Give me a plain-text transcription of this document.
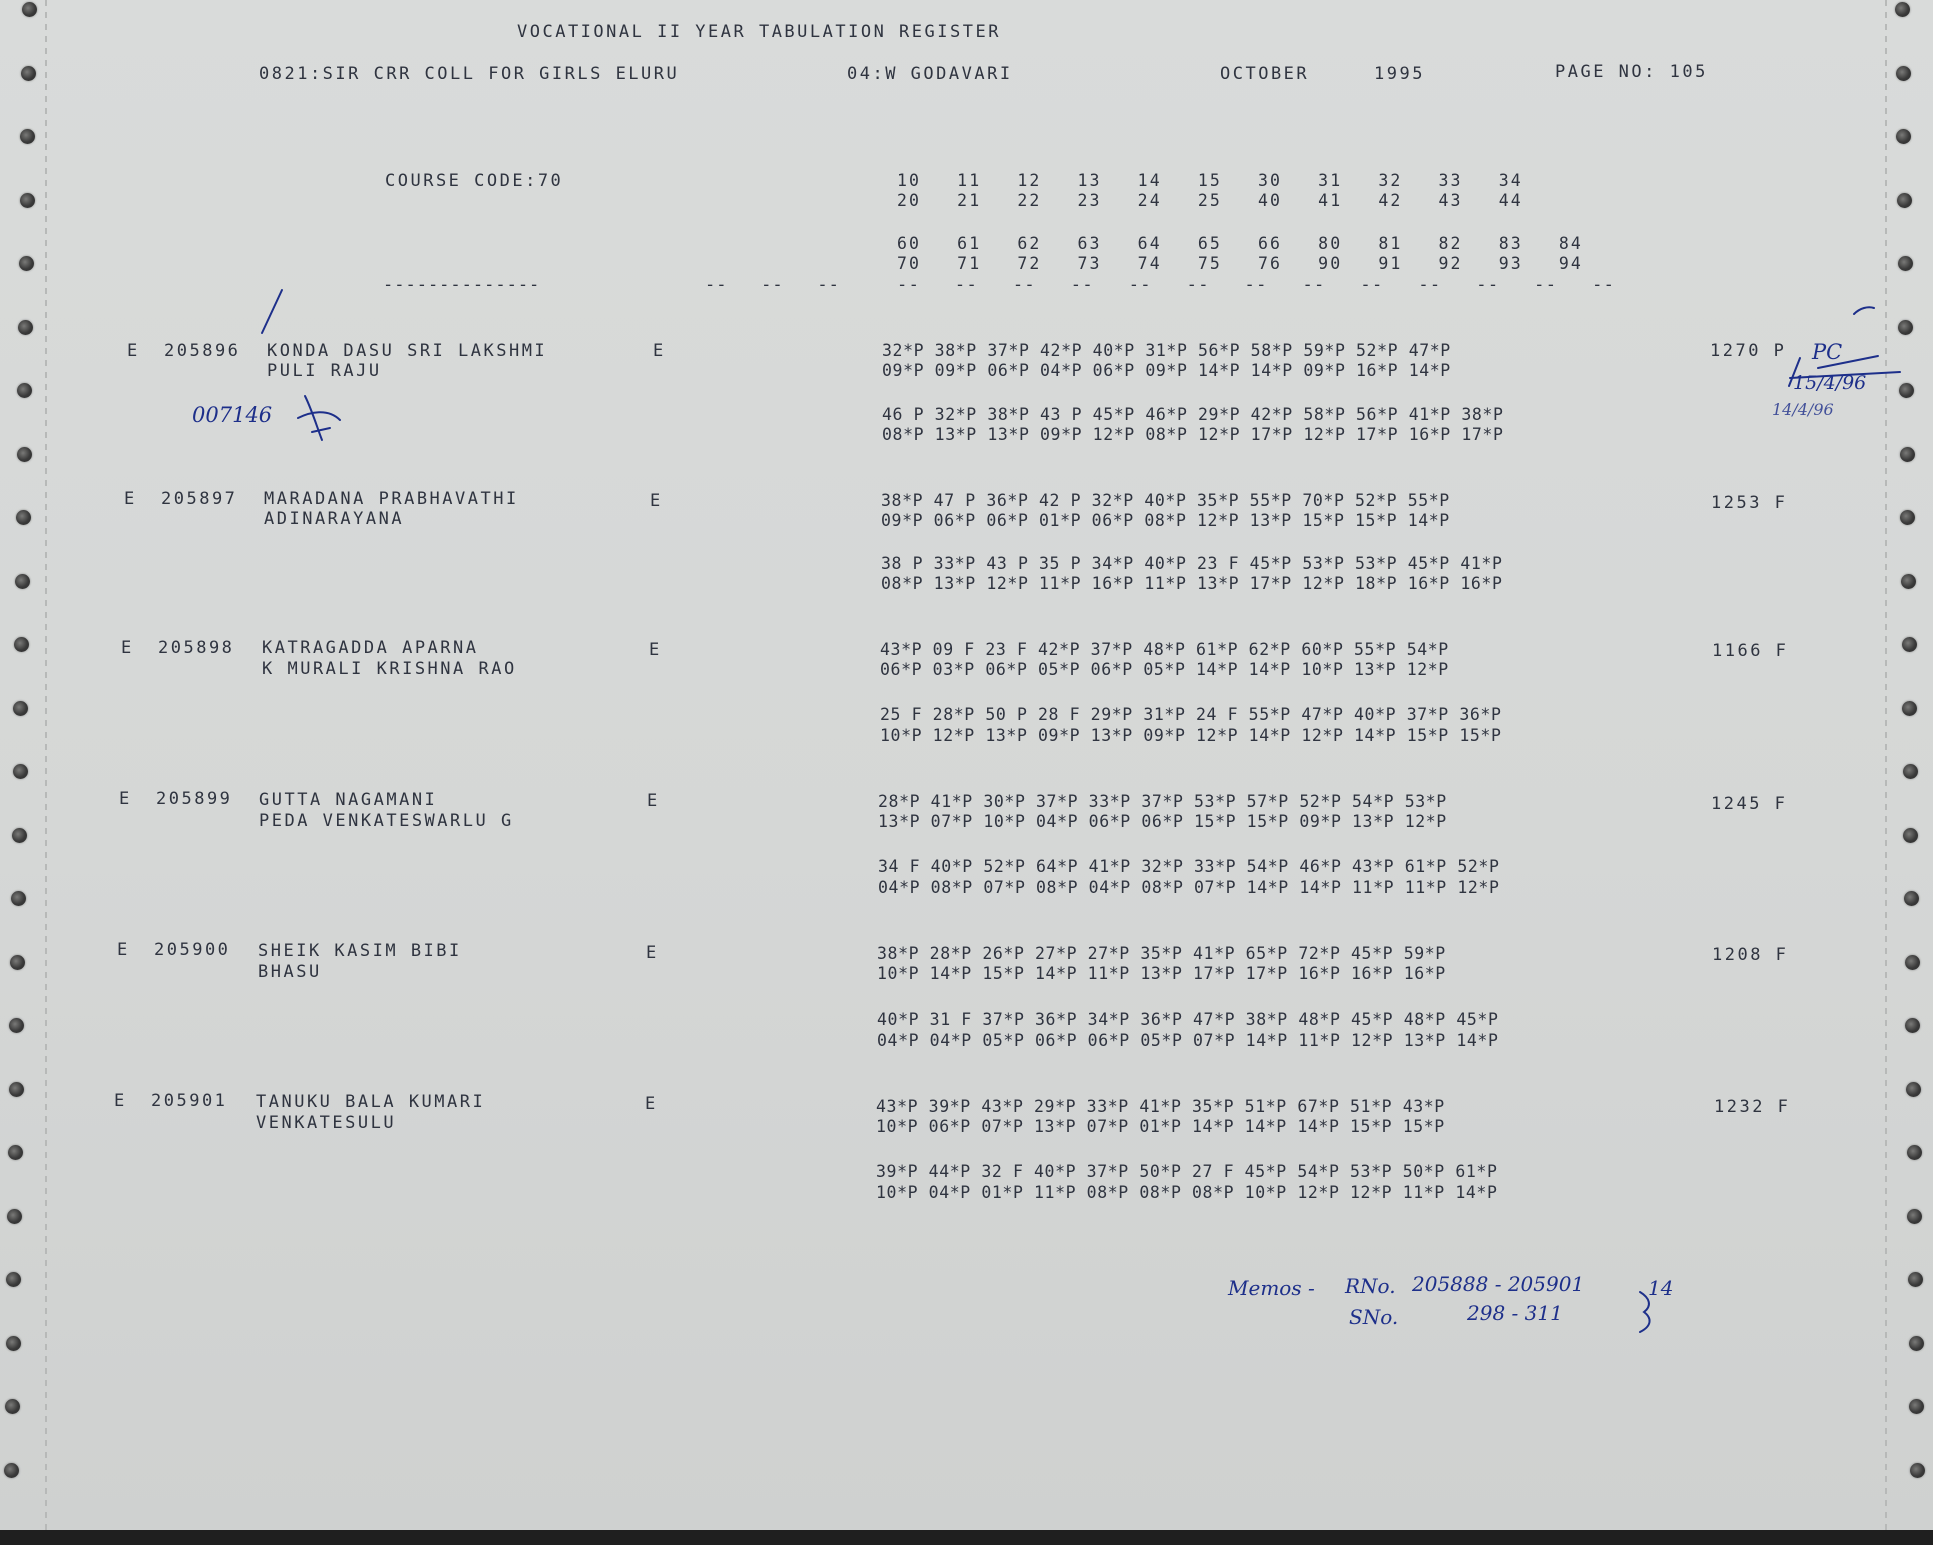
VOCATIONAL II YEAR TABULATION REGISTER
0821:SIR CRR COLL FOR GIRLS ELURU	04:W GODAVARI	OCTOBER	1995	PAGE NO: 105
COURSE CODE:70	10   11   12   13   14   15   30   31   32   33   34
20   21   22   23   24   25   40   41   42   43   44
60   61   62   63   64   65   66   80   81   82   83   84
70   71   72   73   74   75   76   90   91   92   93   94
--------------	--   --   --	--   --   --   --   --   --   --   --   --   --   --   --   --
E 205896 KONDA DASU SRI LAKSHMI
PULI RAJU
E	32*P 38*P 37*P 42*P 40*P 31*P 56*P 58*P 59*P 52*P 47*P
09*P 09*P 06*P 04*P 06*P 09*P 14*P 14*P 09*P 16*P 14*P
46 P 32*P 38*P 43 P 45*P 46*P 29*P 42*P 58*P 56*P 41*P 38*P
08*P 13*P 13*P 09*P 12*P 08*P 12*P 17*P 12*P 17*P 16*P 17*P
1270 P
E 205897 MARADANA PRABHAVATHI
ADINARAYANA
E	38*P 47 P 36*P 42 P 32*P 40*P 35*P 55*P 70*P 52*P 55*P
09*P 06*P 06*P 01*P 06*P 08*P 12*P 13*P 15*P 15*P 14*P
38 P 33*P 43 P 35 P 34*P 40*P 23 F 45*P 53*P 53*P 45*P 41*P
08*P 13*P 12*P 11*P 16*P 11*P 13*P 17*P 12*P 18*P 16*P 16*P
1253 F
E 205898 KATRAGADDA APARNA
K MURALI KRISHNA RAO
E	43*P 09 F 23 F 42*P 37*P 48*P 61*P 62*P 60*P 55*P 54*P
06*P 03*P 06*P 05*P 06*P 05*P 14*P 14*P 10*P 13*P 12*P
25 F 28*P 50 P 28 F 29*P 31*P 24 F 55*P 47*P 40*P 37*P 36*P
10*P 12*P 13*P 09*P 13*P 09*P 12*P 14*P 12*P 14*P 15*P 15*P
1166 F
E 205899 GUTTA NAGAMANI
PEDA VENKATESWARLU G
E	28*P 41*P 30*P 37*P 33*P 37*P 53*P 57*P 52*P 54*P 53*P
13*P 07*P 10*P 04*P 06*P 06*P 15*P 15*P 09*P 13*P 12*P
34 F 40*P 52*P 64*P 41*P 32*P 33*P 54*P 46*P 43*P 61*P 52*P
04*P 08*P 07*P 08*P 04*P 08*P 07*P 14*P 14*P 11*P 11*P 12*P
1245 F
E 205900 SHEIK KASIM BIBI
BHASU
E	38*P 28*P 26*P 27*P 27*P 35*P 41*P 65*P 72*P 45*P 59*P
10*P 14*P 15*P 14*P 11*P 13*P 17*P 17*P 16*P 16*P 16*P
40*P 31 F 37*P 36*P 34*P 36*P 47*P 38*P 48*P 45*P 48*P 45*P
04*P 04*P 05*P 06*P 06*P 05*P 07*P 14*P 11*P 12*P 13*P 14*P
1208 F
E 205901 TANUKU BALA KUMARI
VENKATESULU
E	43*P 39*P 43*P 29*P 33*P 41*P 35*P 51*P 67*P 51*P 43*P
10*P 06*P 07*P 13*P 07*P 01*P 14*P 14*P 14*P 15*P 15*P
39*P 44*P 32 F 40*P 37*P 50*P 27 F 45*P 54*P 53*P 50*P 61*P
10*P 04*P 01*P 11*P 08*P 08*P 08*P 10*P 12*P 12*P 11*P 14*P
1232 F
007146
PC
15/4/96
14/4/96
Memos - RNo. 205888 - 205901
SNo.	298 - 311
14
